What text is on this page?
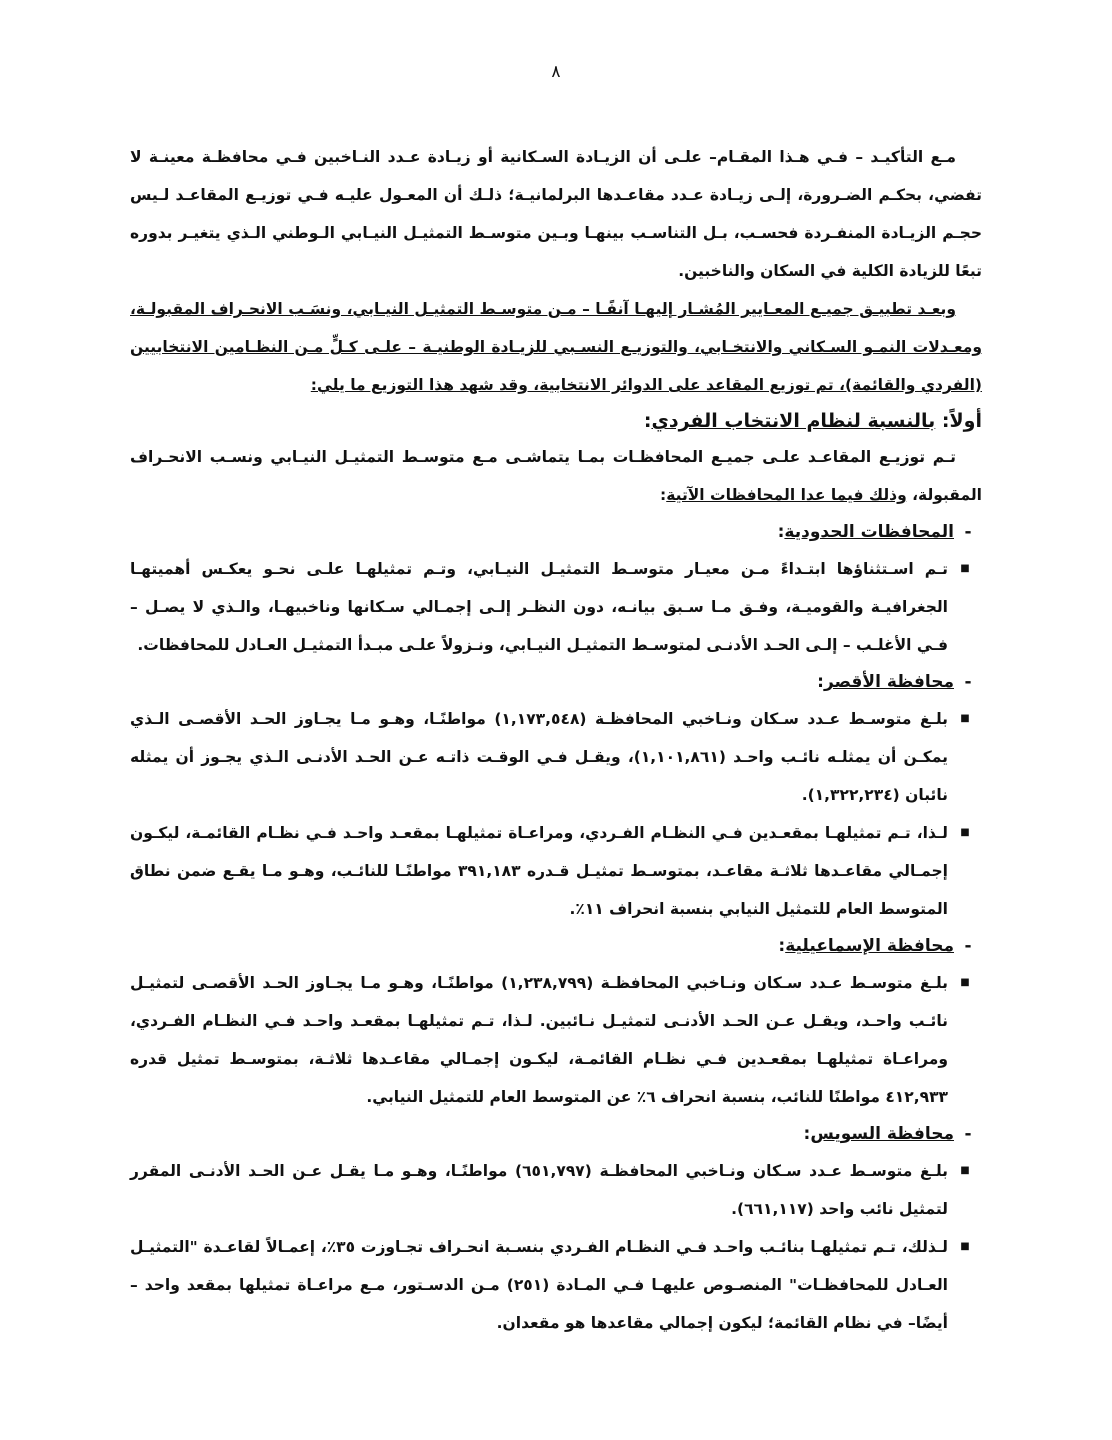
٨

مـع التأكيـد – فـي هـذا المقـام– علـى أن الزيـادة السـكانية أو زيـادة عـدد النـاخبين فـي محافظـة معينـة لا تفضي، بحكـم الضـرورة، إلـى زيـادة عـدد مقاعـدها البرلمانيـة؛ ذلـك أن المعـول عليـه فـي توزيـع المقاعـد لـيس حجـم الزيـادة المنفـردة فحسـب، بـل التناسـب بينهـا وبـين متوسـط التمثيـل النيـابي الـوطني الـذي يتغيـر بدوره تبعًا للزيادة الكلية في السكان والناخبين.

وبعـد تطبيـق جميـع المعـايير المُشـار إليهـا آنفًـا – مـن متوسـط التمثيـل النيـابي، ونسَـب الانحـراف المقبولـة، ومعـدلات النمـو السـكاني والانتخـابي، والتوزيـع النسـبي للزيـادة الوطنيـة – علـى كـلٍّ مـن النظـامين الانتخابيين (الفردي والقائمة)، تم توزيع المقاعد على الدوائر الانتخابية، وقد شهد هذا التوزيع ما يلي:

أولاً: بالنسبة لنظام الانتخاب الفردي:

تـم توزيـع المقاعـد علـى جميـع المحافظـات بمـا يتماشـى مـع متوسـط التمثيـل النيـابي ونسـب الانحـراف المقبولة، وذلك فيما عدا المحافظات الآتية:

-
المحافظات الحدودية
:
■
تـم اسـتثناؤها ابتـداءً مـن معيـار متوسـط التمثيـل النيـابي، وتـم تمثيلهـا علـى نحـو يعكـس أهميتهـا الجغرافيـة والقوميـة، وفـق مـا سـبق بيانـه، دون النظـر إلـى إجمـالي سـكانها وناخبيهـا، والـذي لا يصـل – فـي الأغلـب – إلـى الحـد الأدنـى لمتوسـط التمثيـل النيـابي، ونـزولاً علـى مبـدأ التمثيـل العـادل للمحافظات.
-
محافظة الأقصر
:
■
بلـغ متوسـط عـدد سـكان ونـاخبي المحافظـة (١,١٧٣,٥٤٨) مواطنًـا، وهـو مـا يجـاوز الحـد الأقصـى الـذي يمكـن أن يمثلـه نائـب واحـد (١,١٠١,٨٦١)، ويقـل فـي الوقـت ذاتـه عـن الحـد الأدنـى الـذي يجـوز أن يمثله نائبان (١,٣٢٢,٢٣٤).
■
لـذا، تـم تمثيلهـا بمقعـدين فـي النظـام الفـردي، ومراعـاة تمثيلهـا بمقعـد واحـد فـي نظـام القائمـة، ليكـون إجمـالي مقاعـدها ثلاثـة مقاعـد، بمتوسـط تمثيـل قـدره ٣٩١,١٨٣ مواطنًـا للنائـب، وهـو مـا يقـع ضمن نطاق المتوسط العام للتمثيل النيابي بنسبة انحراف ١١٪.
-
محافظة الإسماعيلية
:
■
بلـغ متوسـط عـدد سـكان ونـاخبي المحافظـة (١,٢٣٨,٧٩٩) مواطنًـا، وهـو مـا يجـاوز الحـد الأقصـى لتمثيـل نائـب واحـد، ويقـل عـن الحـد الأدنـى لتمثيـل نـائبين. لـذا، تـم تمثيلهـا بمقعـد واحـد فـي النظـام الفـردي، ومراعـاة تمثيلهـا بمقعـدين فـي نظـام القائمـة، ليكـون إجمـالي مقاعـدها ثلاثـة، بمتوسـط تمثيل قدره ٤١٢,٩٣٣ مواطنًا للنائب، بنسبة انحراف ٦٪ عن المتوسط العام للتمثيل النيابي.
-
محافظة السويس
:
■
بلـغ متوسـط عـدد سـكان ونـاخبي المحافظـة (٦٥١,٧٩٧) مواطنًـا، وهـو مـا يقـل عـن الحـد الأدنـى المقرر لتمثيل نائب واحد (٦٦١,١١٧).
■
لـذلك، تـم تمثيلهـا بنائـب واحـد فـي النظـام الفـردي بنسـبة انحـراف تجـاوزت ٣٥٪، إعمـالاً لقاعـدة "التمثيـل العـادل للمحافظـات" المنصـوص عليهـا فـي المـادة (٢٥١) مـن الدسـتور، مـع مراعـاة تمثيلها بمقعد واحد – أيضًا– في نظام القائمة؛ ليكون إجمالي مقاعدها هو مقعدان.
